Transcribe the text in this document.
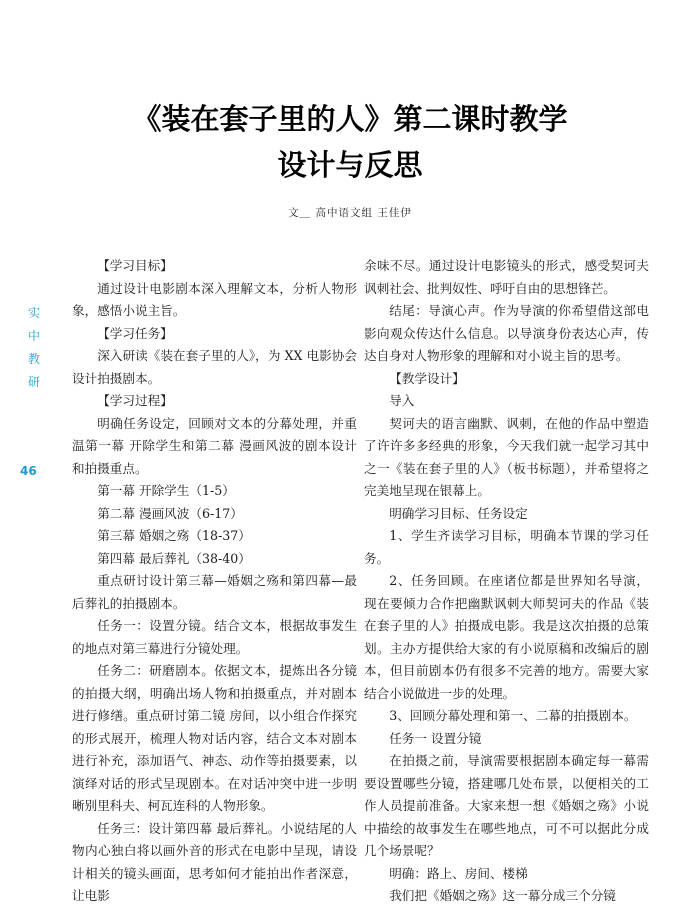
实
中
教
研
46
《装在套子里的人》第二课时教学
设计与反思
文＿ 高中语文组 王佳伊

【学习目标】

通过设计电影剧本深入理解文本，分析人物形象，感悟小说主旨。

【学习任务】

深入研读《装在套子里的人》，为 XX 电影协会设计拍摄剧本。

【学习过程】

明确任务设定，回顾对文本的分幕处理，并重温第一幕 开除学生和第二幕 漫画风波的剧本设计和拍摄重点。

第一幕 开除学生（1-5）

第二幕 漫画风波（6-17）

第三幕 婚姻之殇（18-37）

第四幕 最后葬礼（38-40）

重点研讨设计第三幕—婚姻之殇和第四幕—最后葬礼的拍摄剧本。

任务一：设置分镜。结合文本，根据故事发生的地点对第三幕进行分镜处理。

任务二：研磨剧本。依据文本，提炼出各分镜的拍摄大纲，明确出场人物和拍摄重点，并对剧本进行修缮。重点研讨第二镜 房间，以小组合作探究的形式展开，梳理人物对话内容，结合文本对剧本进行补充，添加语气、神态、动作等拍摄要素，以演绎对话的形式呈现剧本。在对话冲突中进一步明晰别里科夫、柯瓦连科的人物形象。

任务三：设计第四幕 最后葬礼。小说结尾的人物内心独白将以画外音的形式在电影中呈现，请设计相关的镜头画面，思考如何才能拍出作者深意，让电影

余味不尽。通过设计电影镜头的形式，感受契诃夫讽刺社会、批判奴性、呼吁自由的思想锋芒。

结尾：导演心声。作为导演的你希望借这部电影向观众传达什么信息。以导演身份表达心声，传达自身对人物形象的理解和对小说主旨的思考。

【教学设计】

导入

契诃夫的语言幽默、讽刺，在他的作品中塑造了许许多多经典的形象，今天我们就一起学习其中之一《装在套子里的人》（板书标题），并希望将之完美地呈现在银幕上。

明确学习目标、任务设定

1、学生齐读学习目标，明确本节课的学习任务。

2、任务回顾。在座诸位都是世界知名导演，现在要倾力合作把幽默讽刺大师契诃夫的作品《装在套子里的人》拍摄成电影。我是这次拍摄的总策划。主办方提供给大家的有小说原稿和改编后的剧本，但目前剧本仍有很多不完善的地方。需要大家结合小说做进一步的处理。

3、回顾分幕处理和第一、二幕的拍摄剧本。

任务一 设置分镜

在拍摄之前，导演需要根据剧本确定每一幕需要设置哪些分镜，搭建哪几处布景，以便相关的工作人员提前准备。大家来想一想《婚姻之殇》小说中描绘的故事发生在哪些地点，可不可以据此分成几个场景呢？

明确：路上、房间、楼梯

我们把《婚姻之殇》这一幕分成三个分镜
